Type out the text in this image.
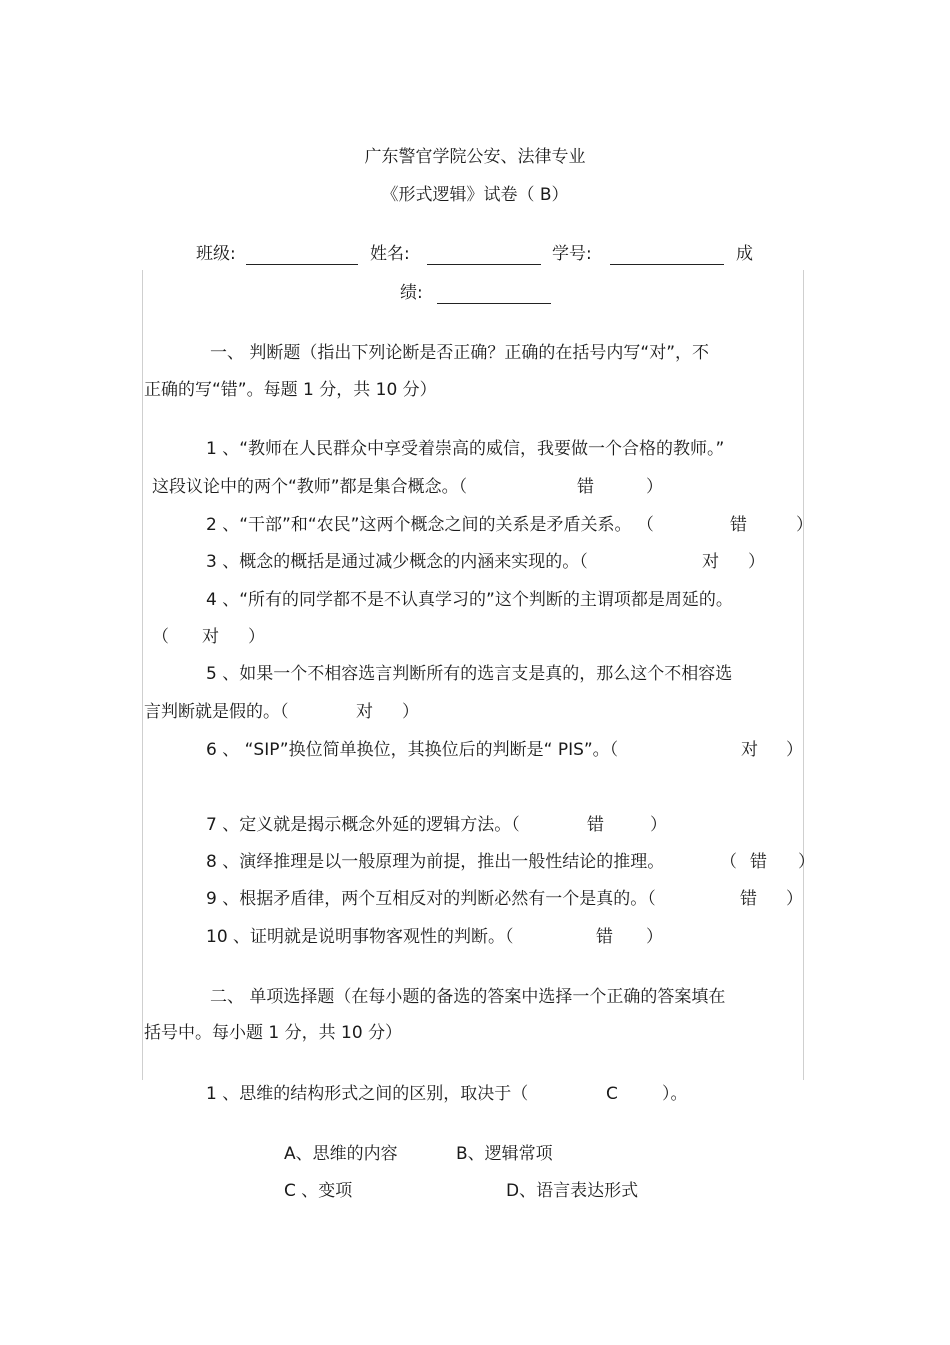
广东警官学院公安、法律专业
《形式逻辑》试卷（ B）
班级:	姓名:	学号:	成
绩:
一、 判断题（指出下列论断是否正确？正确的在括号内写“对”，不
正确的写“错”。每题 1 分，共 10 分）
1 、“教师在人民群众中享受着崇高的威信，我要做一个合格的教师。”
这段议论中的两个“教师”都是集合概念。（	错	）
2 、“干部”和“农民”这两个概念之间的关系是矛盾关系。 （	错	）
3 、概念的概括是通过减少概念的内涵来实现的。（	对 ）
4 、“所有的同学都不是不认真学习的”这个判断的主谓项都是周延的。
（ 对 ）
5 、如果一个不相容选言判断所有的选言支是真的，那么这个不相容选
言判断就是假的。（	对 ）
6 、 “SIP”换位简单换位，其换位后的判断是“ PIS”。（	对 ）
7 、定义就是揭示概念外延的逻辑方法。（	错	）
8 、演绎推理是以一般原理为前提，推出一般性结论的推理。	（ 错 ）
9 、根据矛盾律，两个互相反对的判断必然有一个是真的。（	错 ）
10 、证明就是说明事物客观性的判断。（	错 ）
二、 单项选择题（在每小题的备选的答案中选择一个正确的答案填在
括号中。每小题 1 分，共 10 分）
1 、思维的结构形式之间的区别，取决于（	C	）。
A、思维的内容	B、逻辑常项
C 、变项	D、语言表达形式
